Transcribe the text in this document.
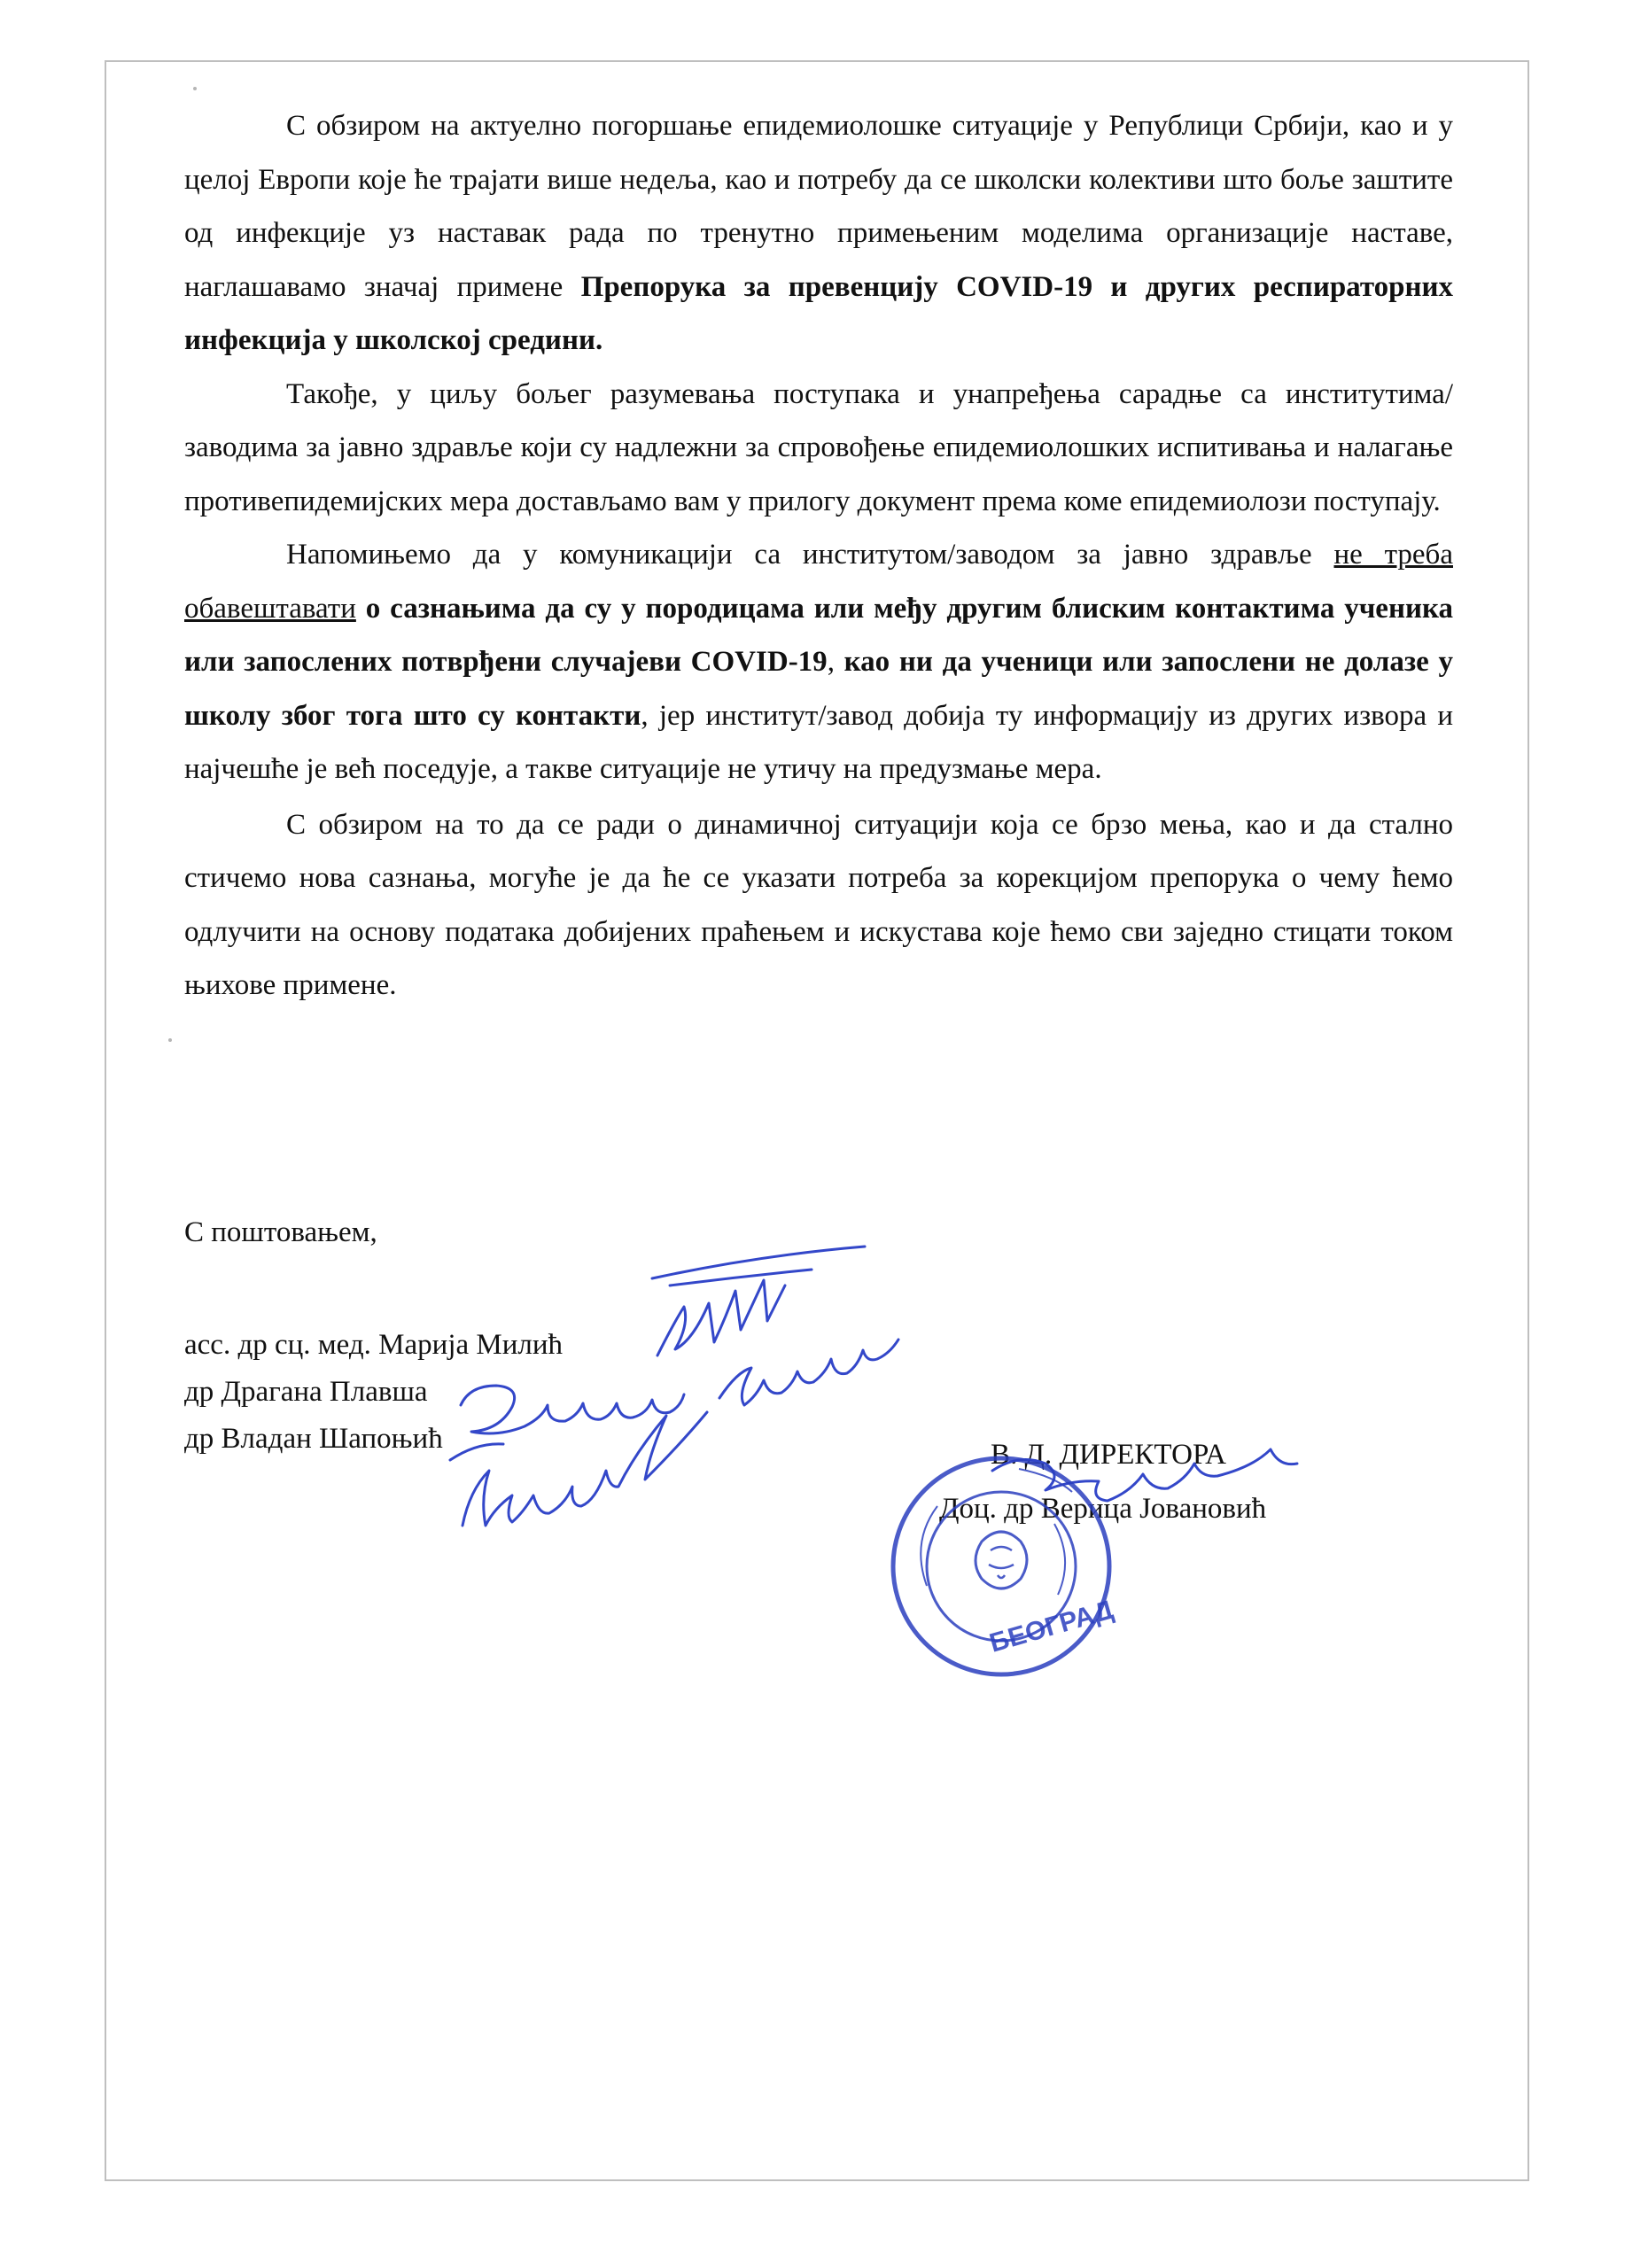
С обзиром на актуелно погоршање епидемиолошке ситуације у Републици Србији, као и у целој Европи које ће трајати више недеља, као и потребу да се школски колективи што боље заштите од инфекције уз наставак рада по тренутно примењеним моделима организације наставе, наглашавамо значај примене Препорука за превенцију COVID-19 и других респираторних инфекција у школској средини.

Такође, у циљу бољег разумевања поступака и унапређења сарадње са институтима/заводима за јавно здравље који су надлежни за спровођење епидемиолошких испитивања и налагање противепидемијских мера достављамо вам у прилогу документ према коме епидемиолози поступају.

Напомињемо да у комуникацији са институтом/заводом за јавно здравље не треба обавештавати о сазнањима да су у породицама или међу другим блиским контактима ученика или запослених потврђени случајеви COVID-19, као ни да ученици или запослени не долазе у школу због тога што су контакти, јер институт/завод добија ту информацију из других извора и најчешће је већ поседује, а такве ситуације не утичу на предузмање мера.

С обзиром на то да се ради о динамичној ситуацији која се брзо мења, као и да стално стичемо нова сазнања, могуће је да ће се указати потреба за корекцијом препорука о чему ћемо одлучити на основу података добијених праћењем и искустава које ћемо сви заједно стицати током њихове примене.

С поштовањем,
асс. др сц. мед. Марија Милић
др Драгана Плавша
др Владан Шапоњић	В. Д. ДИРЕКТОРА
Доц. др Верица Јовановић
БЕОГРАД
